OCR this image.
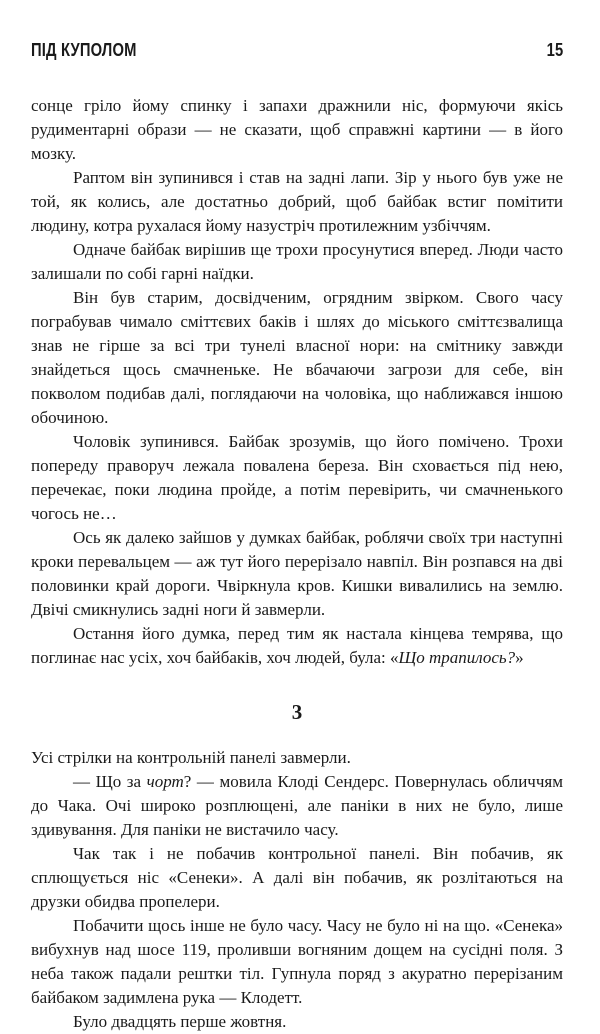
ПІД КУПОЛОМ	15

сонце гріло йому спинку і запахи дражнили ніс, формуючи якісь рудиментарні образи — не сказати, щоб справжні картини — в його мозку.

Раптом він зупинився і став на задні лапи. Зір у нього був уже не той, як колись, але достатньо добрий, щоб байбак встиг помітити людину, котра рухалася йому назустріч протилежним узбіччям.

Одначе байбак вирішив ще трохи просунутися вперед. Люди часто залишали по собі гарні наїдки.

Він був старим, досвідченим, огрядним звірком. Свого часу пограбував чимало сміттєвих баків і шлях до міського сміттєзвалища знав не гірше за всі три тунелі власної нори: на смітнику завжди знайдеться щось смачненьке. Не вбачаючи загрози для себе, він покволом подибав далі, поглядаючи на чоловіка, що наближався іншою обочиною.

Чоловік зупинився. Байбак зрозумів, що його помічено. Трохи попереду праворуч лежала повалена береза. Він сховається під нею, перечекає, поки людина пройде, а потім перевірить, чи смачненького чогось не…

Ось як далеко зайшов у думках байбак, роблячи своїх три наступні кроки перевальцем — аж тут його перерізало навпіл. Він розпався на дві половинки край дороги. Чвіркнула кров. Кишки вивалились на землю. Двічі смикнулись задні ноги й завмерли.

Остання його думка, перед тим як настала кінцева темрява, що поглинає нас усіх, хоч байбаків, хоч людей, була: «Що трапилось?»

3

Усі стрілки на контрольній панелі завмерли.

— Що за чорт? — мовила Клоді Сендерс. Повернулась обличчям до Чака. Очі широко розплющені, але паніки в них не було, лише здивування. Для паніки не вистачило часу.

Чак так і не побачив контрольної панелі. Він побачив, як сплющується ніс «Сенеки». А далі він побачив, як розлітаються на друзки обидва пропелери.

Побачити щось інше не було часу. Часу не було ні на що. «Сенека» вибухнув над шосе 119, проливши вогняним дощем на сусідні поля. З неба також падали рештки тіл. Гупнула поряд з акуратно перерізаним байбаком задимлена рука — Клодетт.

Було двадцять перше жовтня.
